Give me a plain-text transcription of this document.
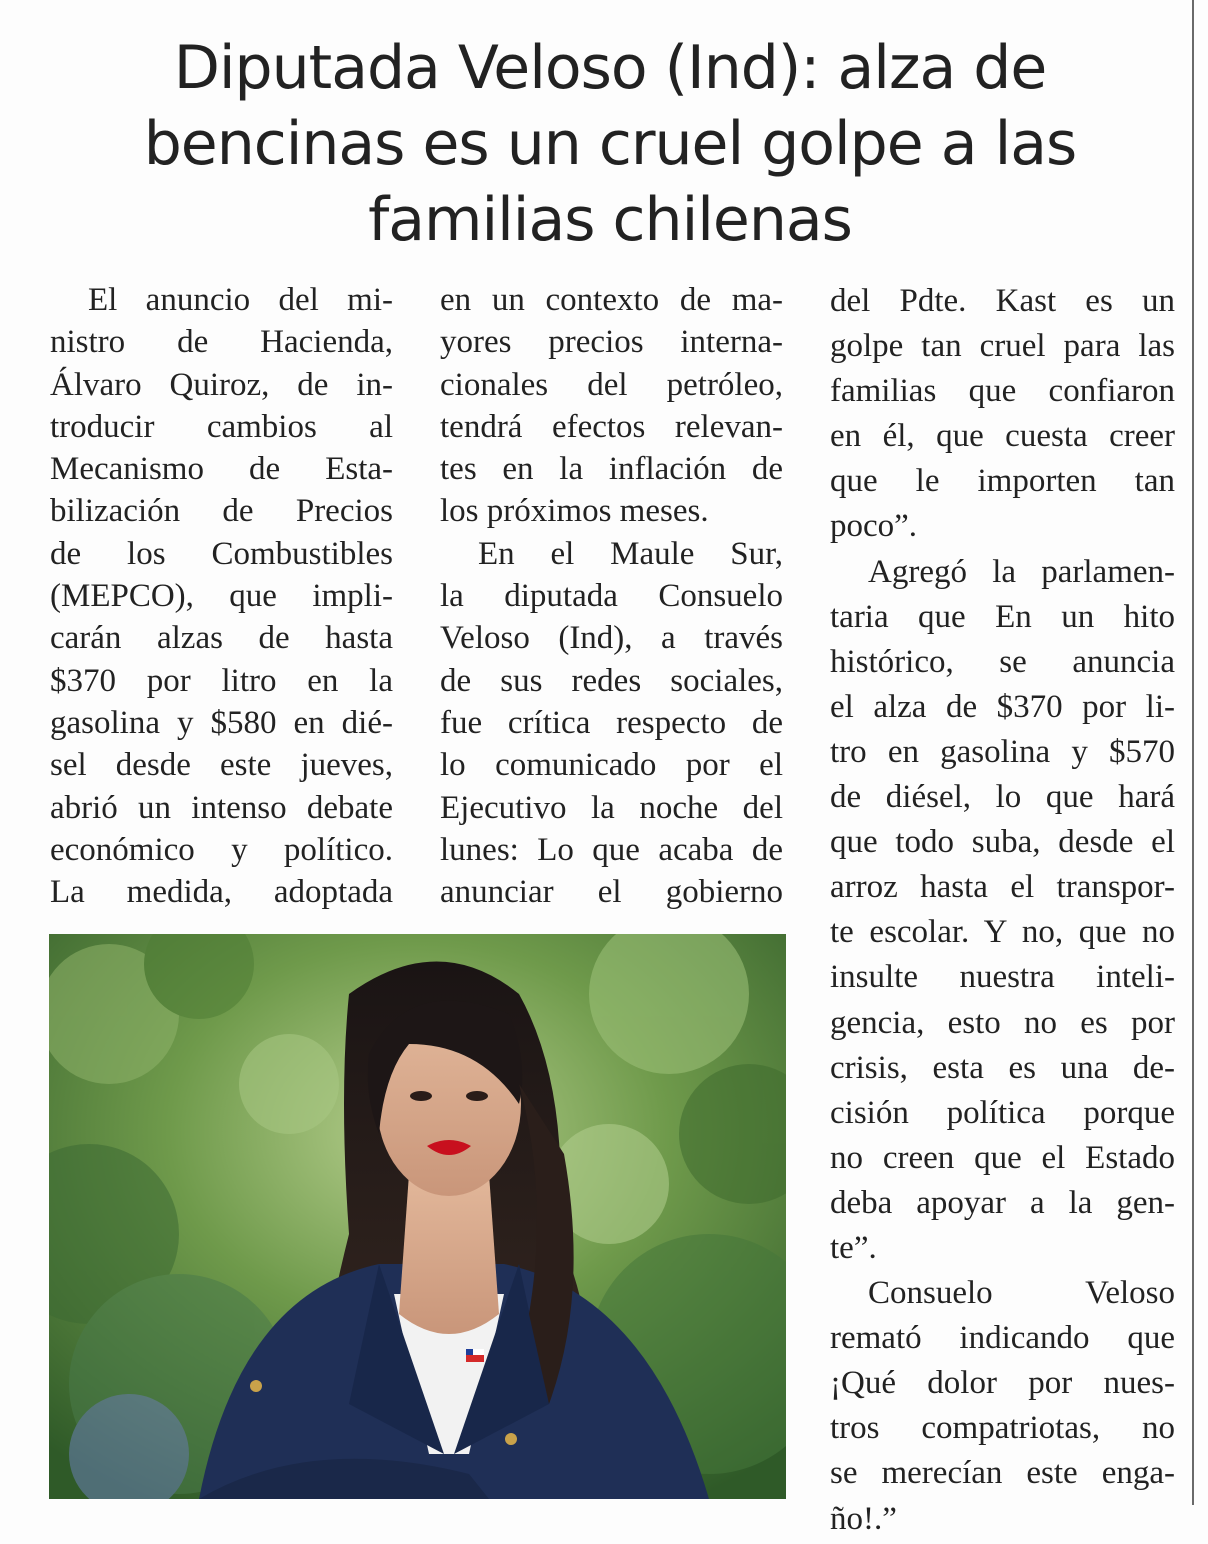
Diputada Veloso (Ind): alza de
bencinas es un cruel golpe a las
familias chilenas
El anuncio del mi-
nistro de Hacienda,
Álvaro Quiroz, de in-
troducir cambios al
Mecanismo de Esta-
bilización de Precios
de los Combustibles
(MEPCO), que impli-
carán alzas de hasta
$370 por litro en la
gasolina y $580 en dié-
sel desde este jueves,
abrió un intenso debate
económico y político.
La medida, adoptada
en un contexto de ma-
yores precios interna-
cionales del petróleo,
tendrá efectos relevan-
tes en la inflación de
los próximos meses.
En el Maule Sur,
la diputada Consuelo
Veloso (Ind), a través
de sus redes sociales,
fue crítica respecto de
lo comunicado por el
Ejecutivo la noche del
lunes: Lo que acaba de
anunciar el gobierno
del Pdte. Kast es un
golpe tan cruel para las
familias que confiaron
en él, que cuesta creer
que le importen tan
poco”.
Agregó la parlamen-
taria que En un hito
histórico, se anuncia
el alza de $370 por li-
tro en gasolina y $570
de diésel, lo que hará
que todo suba, desde el
arroz hasta el transpor-
te escolar. Y no, que no
insulte nuestra inteli-
gencia, esto no es por
crisis, esta es una de-
cisión política porque
no creen que el Estado
deba apoyar a la gen-
te”.
Consuelo Veloso
remató indicando que
¡Qué dolor por nues-
tros compatriotas, no
se merecían este enga-
ño!.”
